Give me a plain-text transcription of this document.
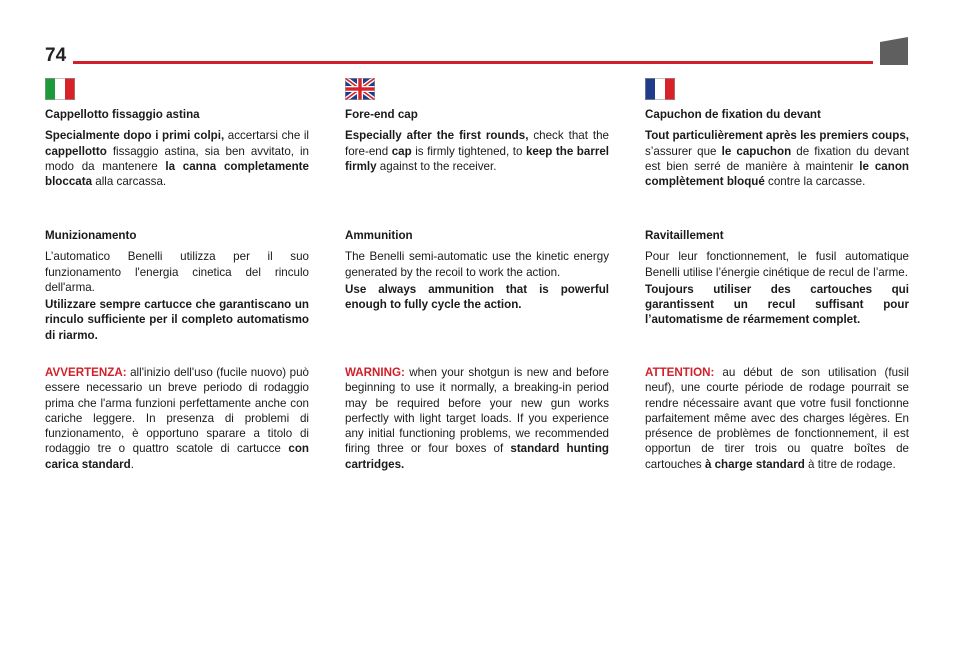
74
Cappellotto fissaggio astina

Specialmente dopo i primi colpi, accertarsi che il cappellotto fissaggio astina, sia ben avvitato, in modo da mantenere la canna completamente bloccata alla carcassa.

Munizionamento

L’automatico Benelli utilizza per il suo funzionamento l'energia cinetica del rinculo dell'arma.

Utilizzare sempre cartucce che garantiscano un rinculo sufficiente per il completo automatismo di riarmo.

AVVERTENZA: all'inizio dell'uso (fucile nuovo) può essere necessario un breve periodo di rodaggio prima che l'arma funzioni perfettamente anche con cariche leggere. In presenza di problemi di funzionamento, è opportuno sparare a titolo di rodaggio tre o quattro scatole di cartucce con carica standard.

Fore-end cap

Especially after the first rounds, check that the fore-end cap is firmly tightened, to keep the barrel firmly against to the receiver.

Ammunition

The Benelli semi-automatic use the kinetic energy generated by the recoil to work the action.

Use always ammunition that is powerful enough to fully cycle the action.

WARNING: when your shotgun is new and before beginning to use it normally, a breaking-in period may be required before your new gun works perfectly with light target loads. If you experience any initial functioning problems, we recommended firing three or four boxes of standard hunting cartridges.

Capuchon de fixation du devant

Tout particulièrement après les premiers coups, s’assurer que le capuchon de fixation du devant est bien serré de manière à maintenir le canon complètement bloqué contre la carcasse.

Ravitaillement

Pour leur fonctionnement, le fusil automatique Benelli utilise l’énergie cinétique de recul de l’arme.

Toujours utiliser des cartouches qui garantissent un recul suffisant pour l’automatisme de réarmement complet.

ATTENTION: au début de son utilisation (fusil neuf), une courte période de rodage pourrait se rendre nécessaire avant que votre fusil fonctionne parfaitement même avec des charges légères. En présence de problèmes de fonctionnement, il est opportun de tirer trois ou quatre boîtes de cartouches à charge standard à titre de rodage.
